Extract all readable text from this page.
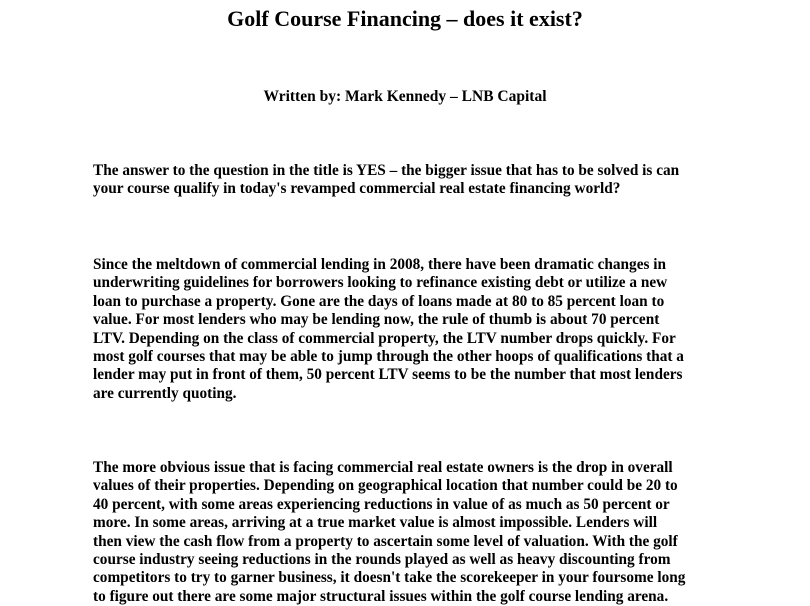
Golf Course Financing – does it exist?
Written by: Mark Kennedy – LNB Capital

The answer to the question in the title is YES – the bigger issue that has to be solved is can
your course qualify in today's revamped commercial real estate financing world?

Since the meltdown of commercial lending in 2008, there have been dramatic changes in
underwriting guidelines for borrowers looking to refinance existing debt or utilize a new
loan to purchase a property. Gone are the days of loans made at 80 to 85 percent loan to
value. For most lenders who may be lending now, the rule of thumb is about 70 percent
LTV. Depending on the class of commercial property, the LTV number drops quickly. For
most golf courses that may be able to jump through the other hoops of qualifications that a
lender may put in front of them, 50 percent LTV seems to be the number that most lenders
are currently quoting.

The more obvious issue that is facing commercial real estate owners is the drop in overall
values of their properties. Depending on geographical location that number could be 20 to
40 percent, with some areas experiencing reductions in value of as much as 50 percent or
more. In some areas, arriving at a true market value is almost impossible. Lenders will
then view the cash flow from a property to ascertain some level of valuation. With the golf
course industry seeing reductions in the rounds played as well as heavy discounting from
competitors to try to garner business, it doesn't take the scorekeeper in your foursome long
to figure out there are some major structural issues within the golf course lending arena.
